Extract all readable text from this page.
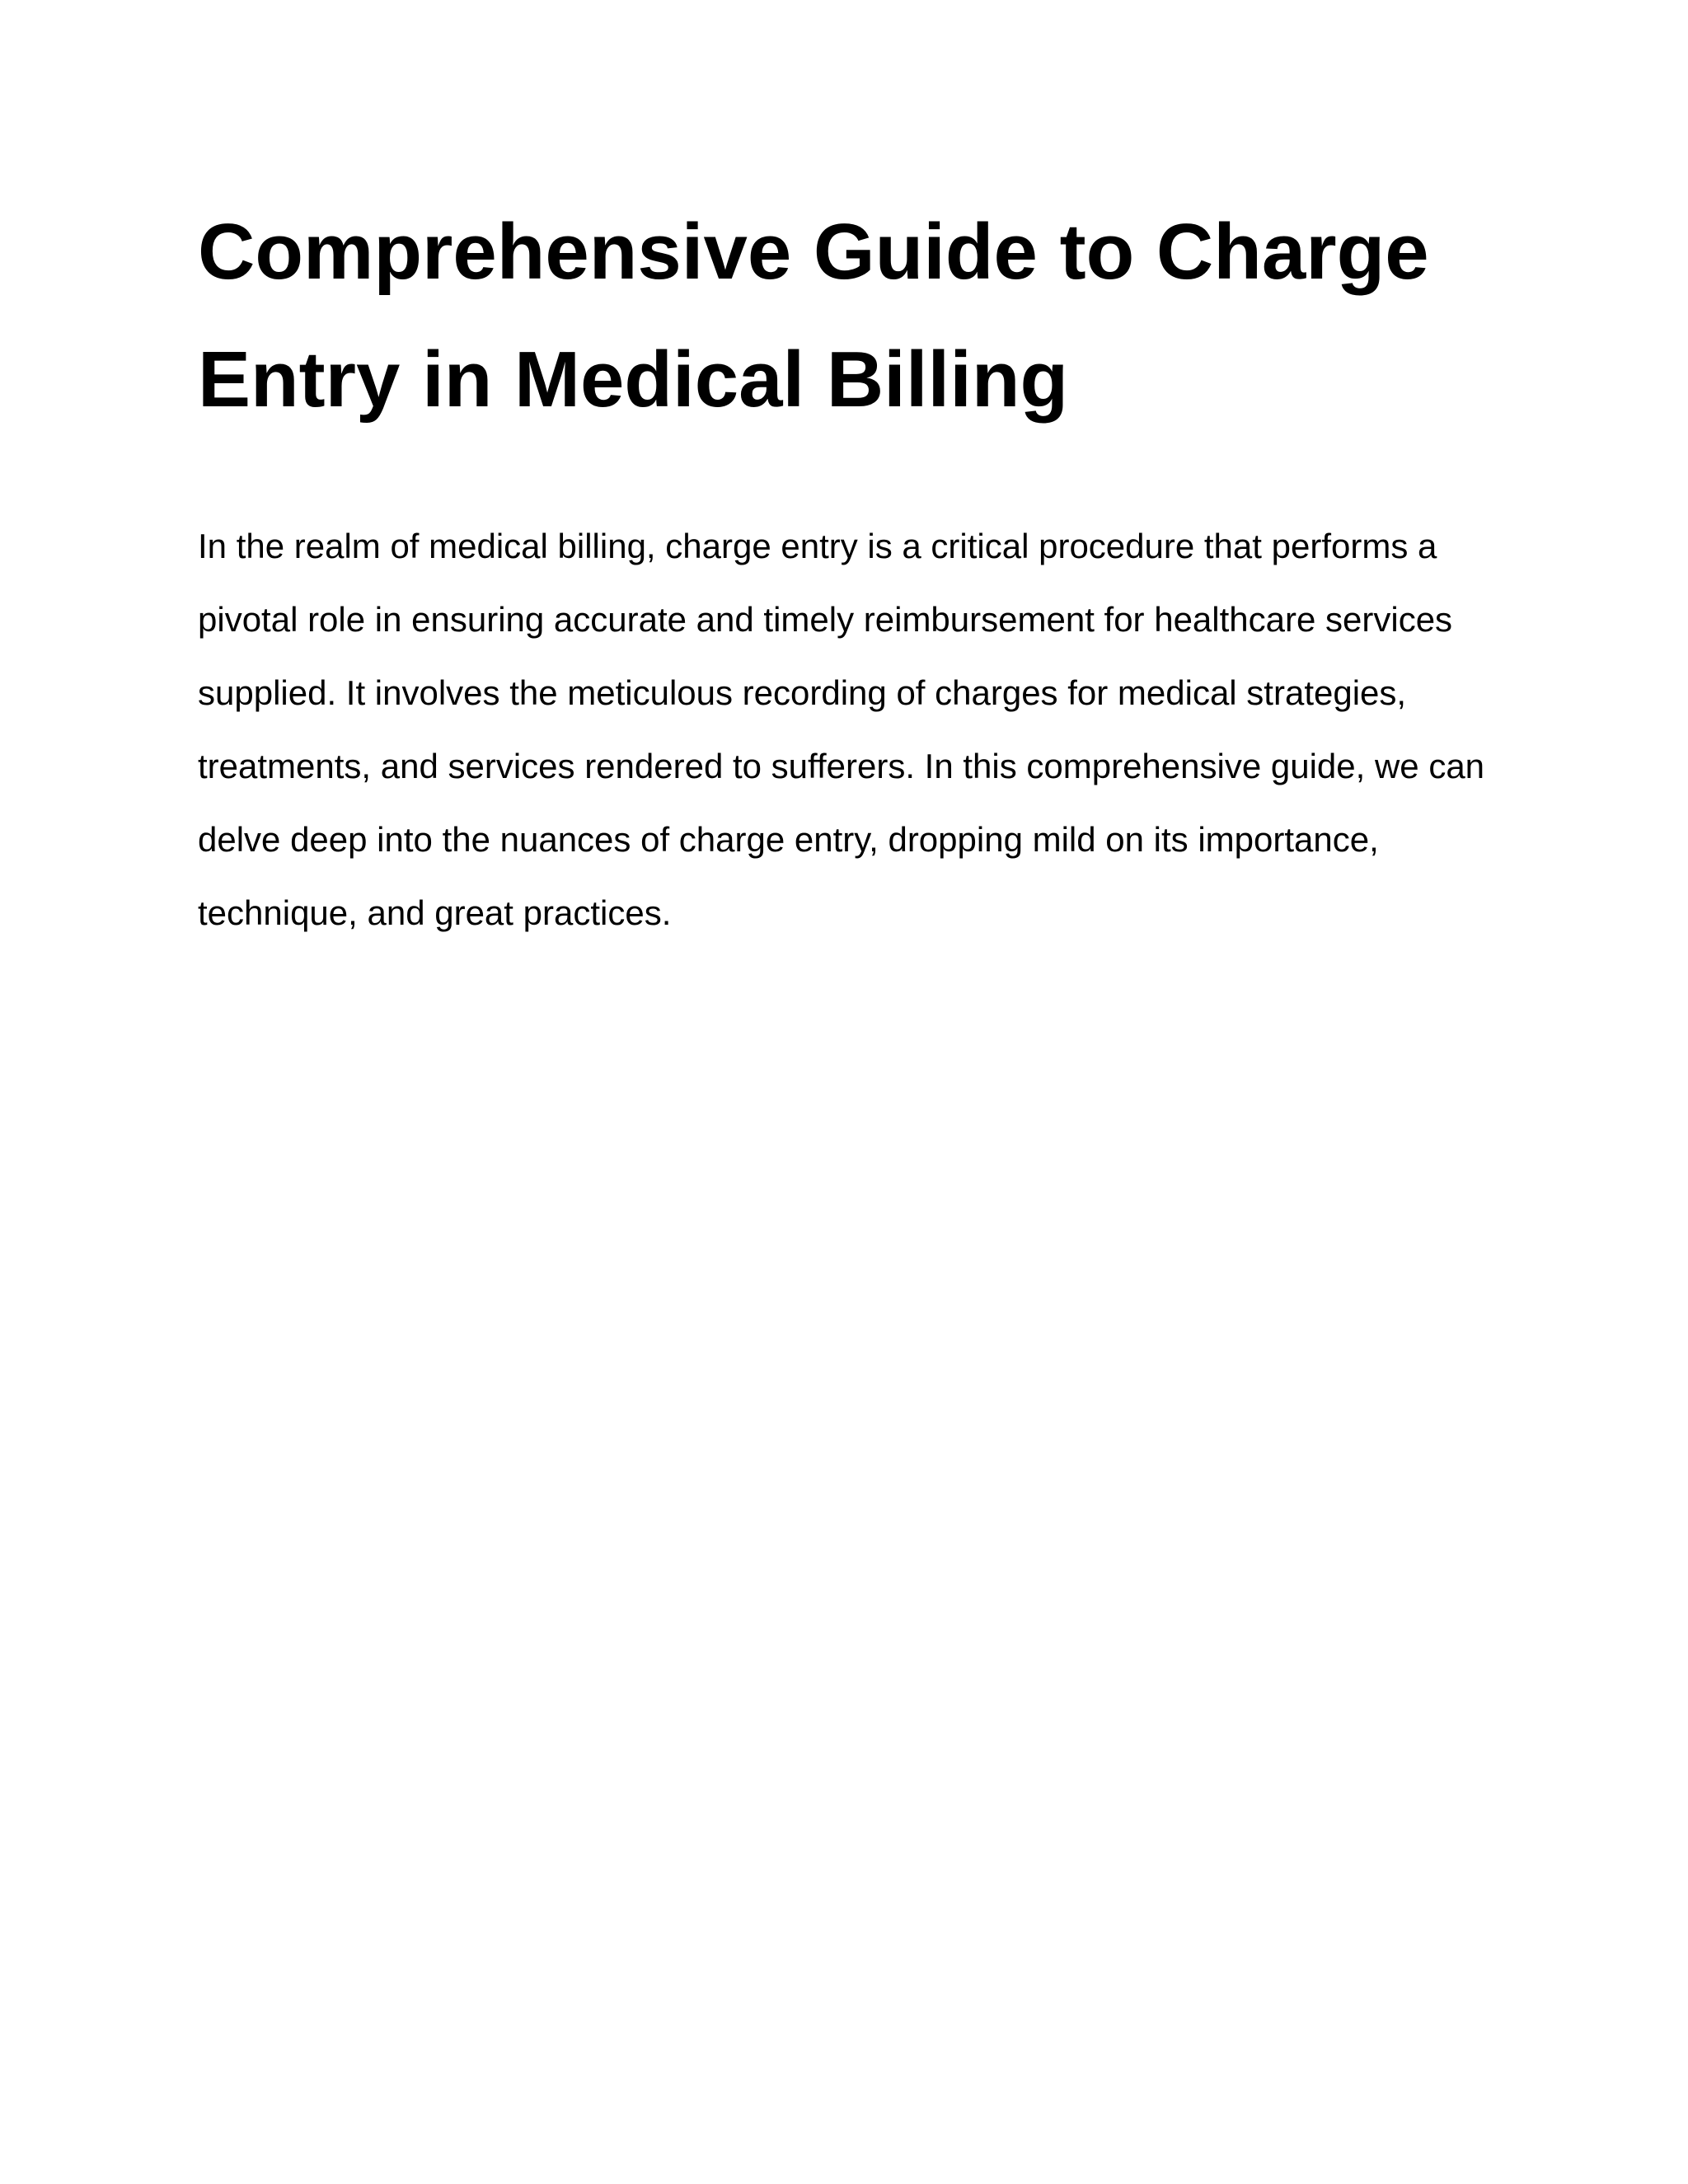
Comprehensive Guide to Charge Entry in Medical Billing

In the realm of medical billing, charge entry is a critical procedure that performs a pivotal role in ensuring accurate and timely reimbursement for healthcare services supplied. It involves the meticulous recording of charges for medical strategies, treatments, and services rendered to sufferers. In this comprehensive guide, we can delve deep into the nuances of charge entry, dropping mild on its importance, technique, and great practices.
